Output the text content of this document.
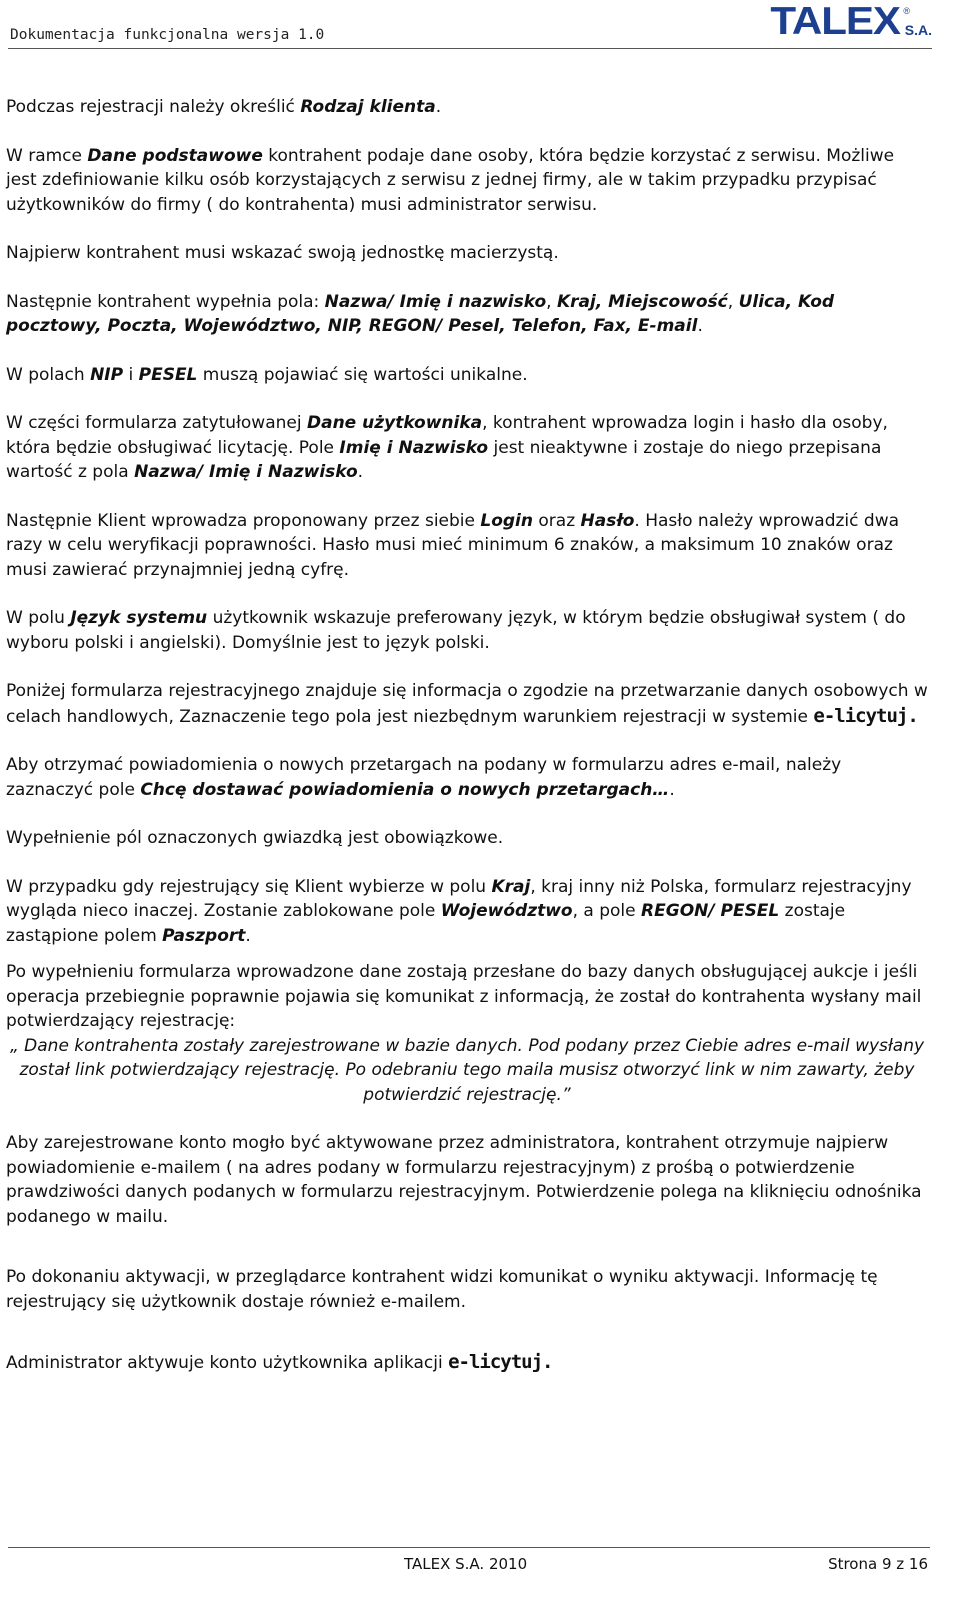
Dokumentacja funkcjonalna wersja 1.0	TALEX ®
S.A.

Podczas rejestracji należy określić Rodzaj klienta.

W ramce Dane podstawowe kontrahent podaje dane osoby, która będzie korzystać z serwisu. Możliwe jest zdefiniowanie kilku osób korzystających z serwisu z jednej firmy, ale w takim przypadku przypisać użytkowników do firmy ( do kontrahenta) musi administrator serwisu.

Najpierw kontrahent musi wskazać swoją jednostkę macierzystą.

Następnie kontrahent wypełnia pola: Nazwa/ Imię i nazwisko, Kraj, Miejscowość, Ulica, Kod pocztowy, Poczta, Województwo, NIP, REGON/ Pesel, Telefon, Fax, E-mail.

W polach NIP i PESEL muszą pojawiać się wartości unikalne.

W części formularza zatytułowanej Dane użytkownika, kontrahent wprowadza login i hasło dla osoby, która będzie obsługiwać licytację. Pole Imię i Nazwisko jest nieaktywne i zostaje do niego przepisana wartość z pola Nazwa/ Imię i Nazwisko.

Następnie Klient wprowadza proponowany przez siebie Login oraz Hasło. Hasło należy wprowadzić dwa razy w celu weryfikacji poprawności. Hasło musi mieć minimum 6 znaków, a maksimum 10 znaków oraz musi zawierać przynajmniej jedną cyfrę.

W polu Język systemu użytkownik wskazuje preferowany język, w którym będzie obsługiwał system ( do wyboru polski i angielski). Domyślnie jest to język polski.

Poniżej formularza rejestracyjnego znajduje się informacja o zgodzie na przetwarzanie danych osobowych w celach handlowych, Zaznaczenie tego pola jest niezbędnym warunkiem rejestracji w systemie e-licytuj.

Aby otrzymać powiadomienia o nowych przetargach na podany w formularzu adres e-mail, należy zaznaczyć pole Chcę dostawać powiadomienia o nowych przetargach….

Wypełnienie pól oznaczonych gwiazdką jest obowiązkowe.

W przypadku gdy rejestrujący się Klient wybierze w polu Kraj, kraj inny niż Polska, formularz rejestracyjny wygląda nieco inaczej. Zostanie zablokowane pole Województwo, a pole REGON/ PESEL zostaje zastąpione polem Paszport.

Po wypełnieniu formularza wprowadzone dane zostają przesłane do bazy danych obsługującej aukcje i jeśli operacja przebiegnie poprawnie pojawia się komunikat z informacją, że został do kontrahenta wysłany mail potwierdzający rejestrację:

„ Dane kontrahenta zostały zarejestrowane w bazie danych. Pod podany przez Ciebie adres e-mail wysłany został link potwierdzający rejestrację. Po odebraniu tego maila musisz otworzyć link w nim zawarty, żeby potwierdzić rejestrację.”

Aby zarejestrowane konto mogło być aktywowane przez administratora, kontrahent otrzymuje najpierw powiadomienie e-mailem ( na adres podany w formularzu rejestracyjnym) z prośbą o potwierdzenie prawdziwości danych podanych w formularzu rejestracyjnym. Potwierdzenie polega na kliknięciu odnośnika podanego w mailu.

Po dokonaniu aktywacji, w przeglądarce kontrahent widzi komunikat o wyniku aktywacji. Informację tę rejestrujący się użytkownik dostaje również e-mailem.

Administrator aktywuje konto użytkownika aplikacji e-licytuj.

TALEX S.A. 2010	Strona 9 z 16
